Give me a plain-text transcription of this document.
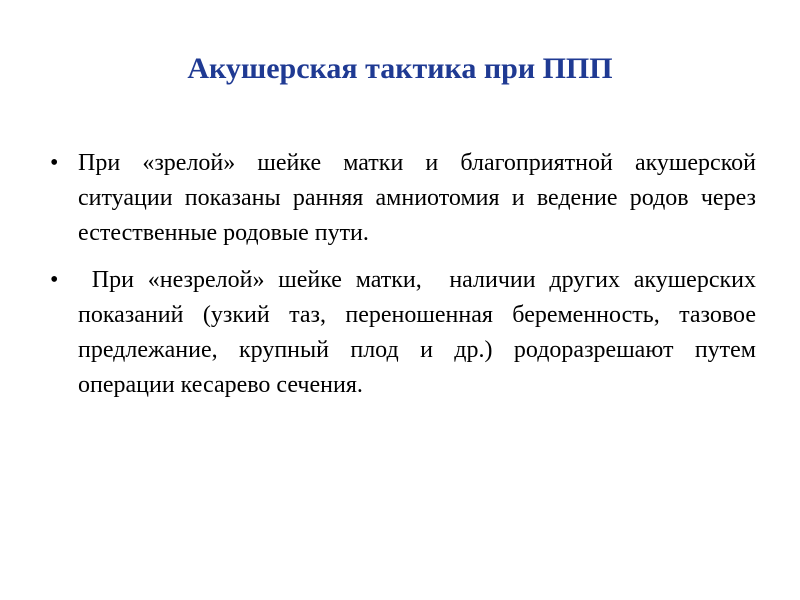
Акушерская тактика при ППП
• При «зрелой» шейке матки и благоприятной акушерской ситуации показаны ранняя амниотомия и ведение родов через естественные родовые пути.
• При «незрелой» шейке матки,  наличии других акушерских показаний (узкий таз, переношенная беременность, тазовое предлежание, крупный плод и др.) родоразрешают путем операции кесарево сечения.
